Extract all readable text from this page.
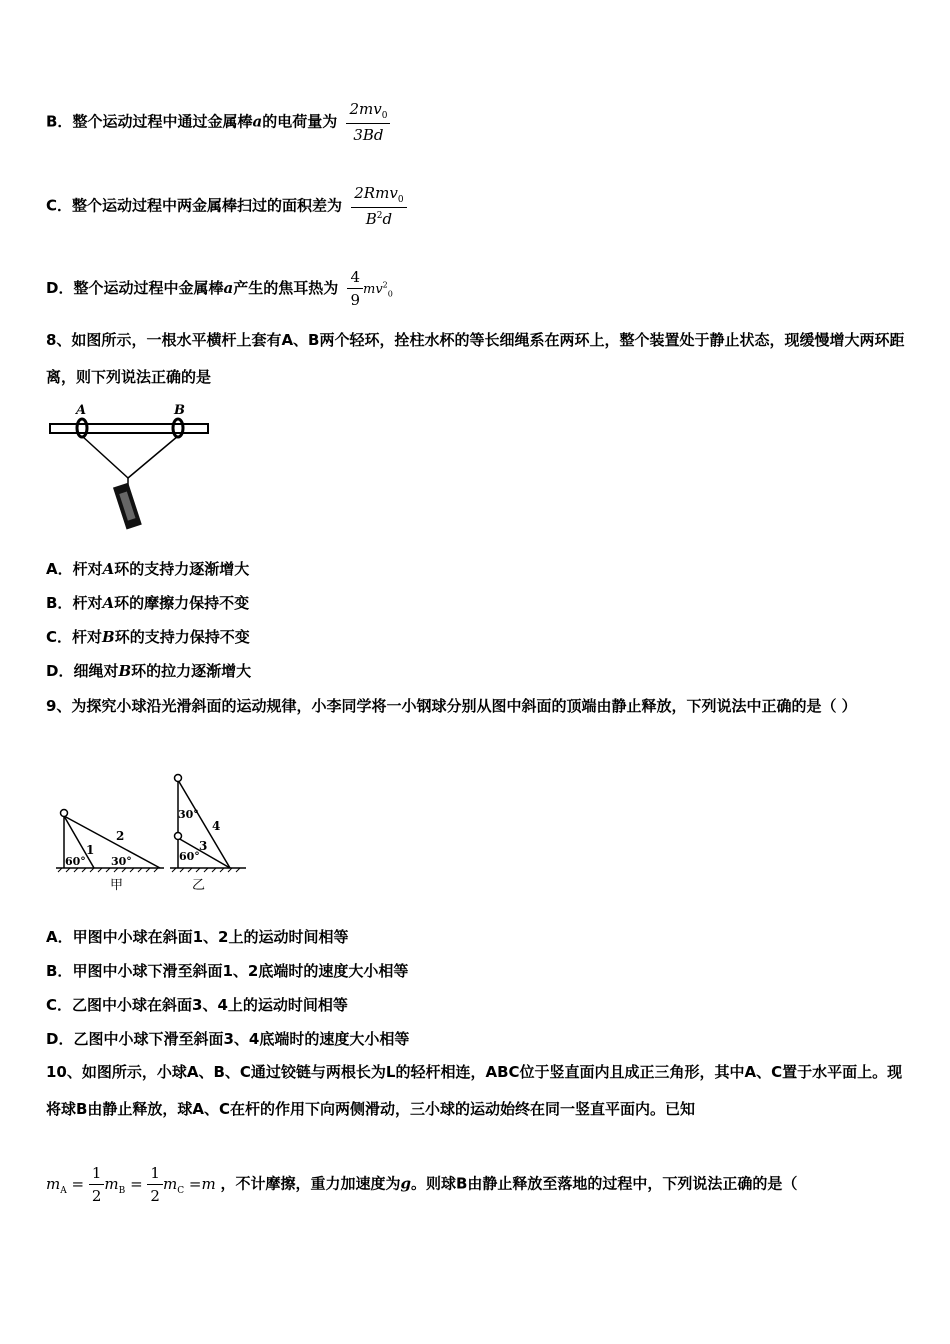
B．整个运动过程中通过金属棒a的电荷量为 $\frac{2mv_0}{3Bd}$
C．整个运动过程中两金属棒扫过的面积差为 $\frac{2Rmv_0}{B^2d}$
D．整个运动过程中金属棒a产生的焦耳热为 $\frac{4}{9} mv^2_0$
8、如图所示，一根水平横杆上套有A、B两个轻环，拴柱水杯的等长细绳系在两环上，整个装置处于静止状态，现缓慢增大两环距离，则下列说法正确的是
A	B
A．杆对A环的支持力逐渐增大
B．杆对A环的摩擦力保持不变
C．杆对B环的支持力保持不变
D．细绳对B环的拉力逐渐增大
9、为探究小球沿光滑斜面的运动规律，小李同学将一小钢球分别从图中斜面的顶端由静止释放，下列说法中正确的是（ ）
1
2
60° 30°
甲
30°
60°
3
4
乙
A．甲图中小球在斜面1、2上的运动时间相等
B．甲图中小球下滑至斜面1、2底端时的速度大小相等
C．乙图中小球在斜面3、4上的运动时间相等
D．乙图中小球下滑至斜面3、4底端时的速度大小相等
10、如图所示，小球A、B、C通过铰链与两根长为L的轻杆相连，ABC位于竖直面内且成正三角形，其中A、C置于水平面上。现将球B由静止释放，球A、C在杆的作用下向两侧滑动，三小球的运动始终在同一竖直平面内。已知
$m_A = \frac{1}{2} m_B = \frac{1}{2} m_C =m$ ，不计摩擦，重力加速度为g。则球B由静止释放至落地的过程中，下列说法正确的是（
